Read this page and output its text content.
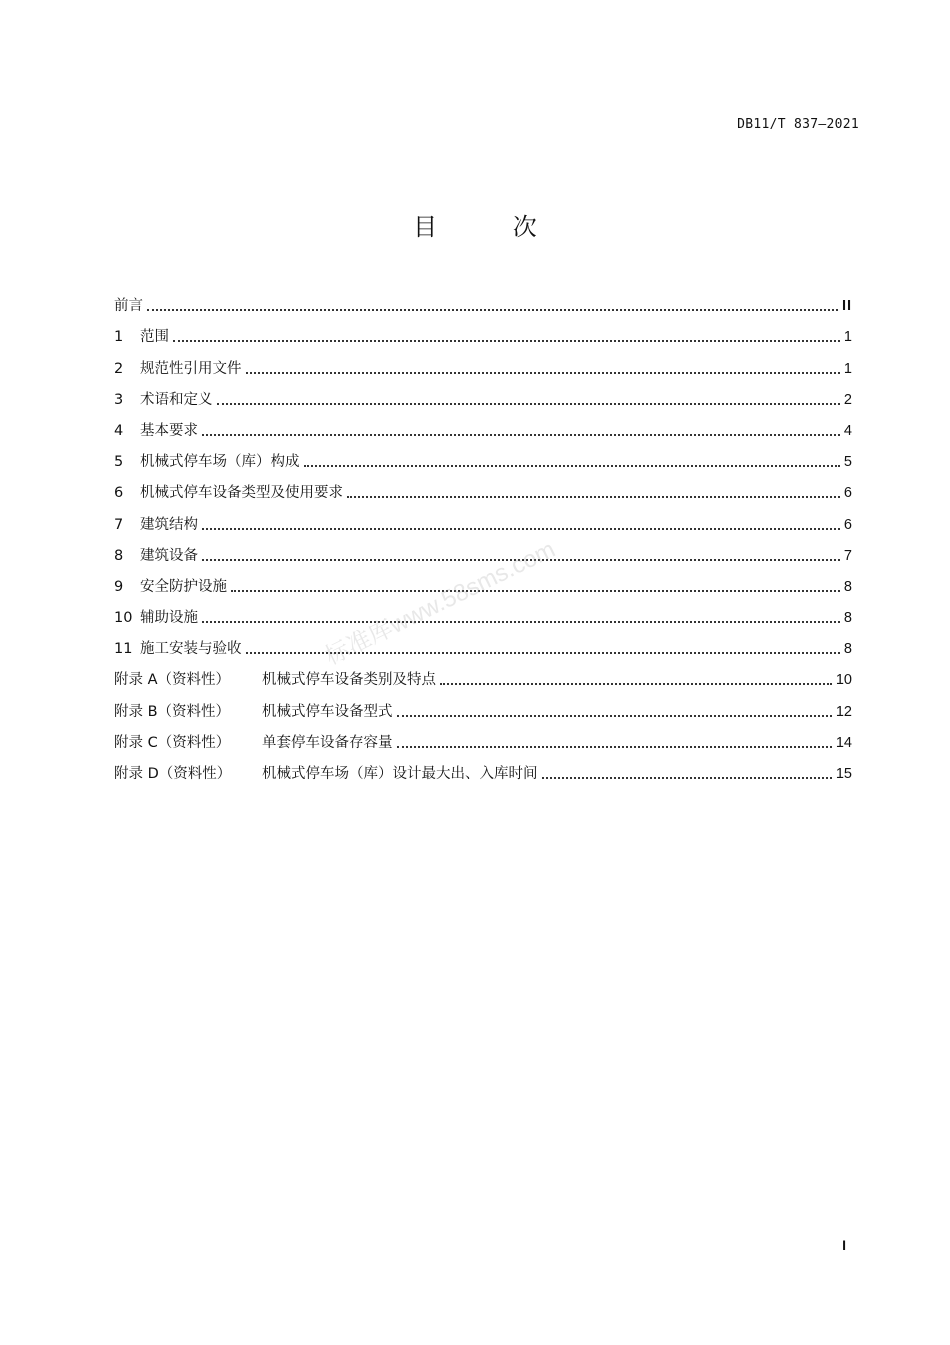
DB11/T 837—2021
目 次
前言	II
1	范围	1
2	规范性引用文件	1
3	术语和定义	2
4	基本要求	4
5	机械式停车场（库）构成	5
6	机械式停车设备类型及使用要求	6
7	建筑结构	6
8	建筑设备	7
9	安全防护设施	8
10 辅助设施	8
11 施工安装与验收	8
附录 A（资料性）	机械式停车设备类别及特点	10
附录 B（资料性）	机械式停车设备型式	12
附录 C（资料性）	单套停车设备存容量	14
附录 D（资料性）	机械式停车场（库）设计最大出、入库时间	15
标准库www.58sms.com
I
